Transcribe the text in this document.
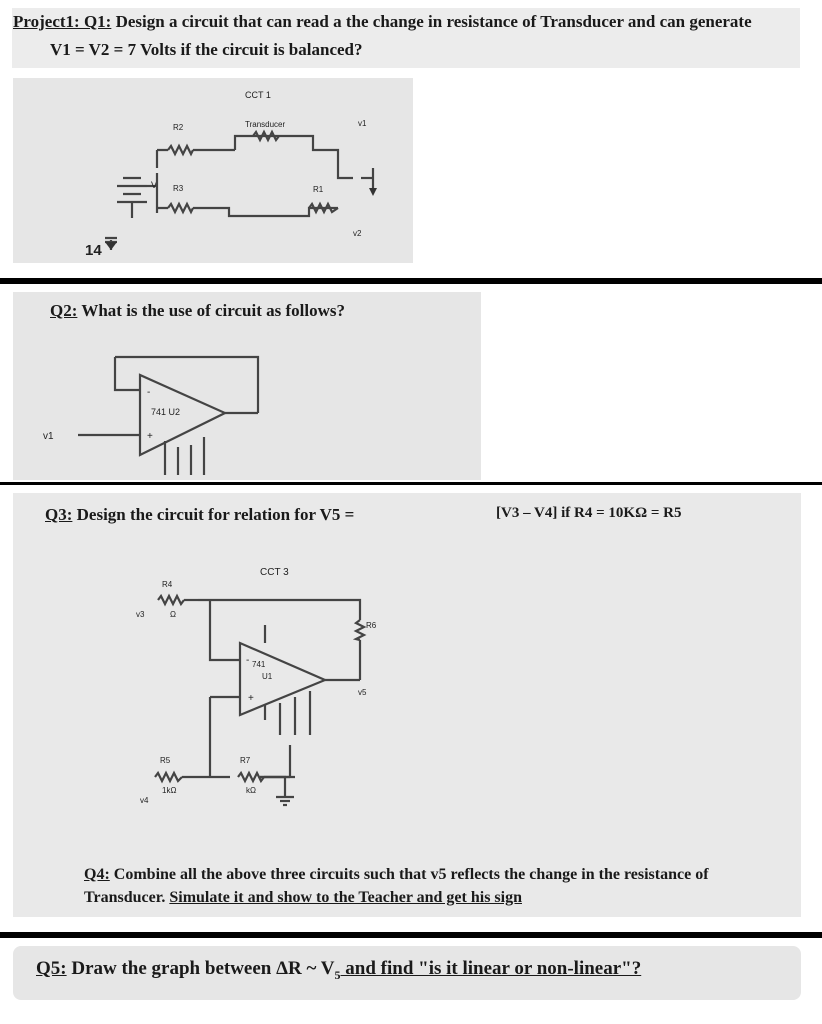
Project1: Q1: Design a circuit that can read a the change in resistance of Transducer and can generate
V1 = V2 = 7 Volts if the circuit is balanced?
CCT 1
V
14
R2	Transducer
R3	R1
v1
v2
Q2: What is the use of circuit as follows?
741 U2
-
+
v1
Q3: Design the circuit for relation for V5 =	[V3 – V4] if R4 = 10KΩ = R5
CCT 3
R4
Ω
v3
R6
741
U1
-
+
v5
R5
1kΩ
R7
kΩ
v4
Q4: Combine all the above three circuits such that v5 reflects the change in the resistance of
Transducer. Simulate it and show to the Teacher and get his sign
Q5: Draw the graph between ΔR ~ $V_5$ and find "is it linear or non-linear"?
